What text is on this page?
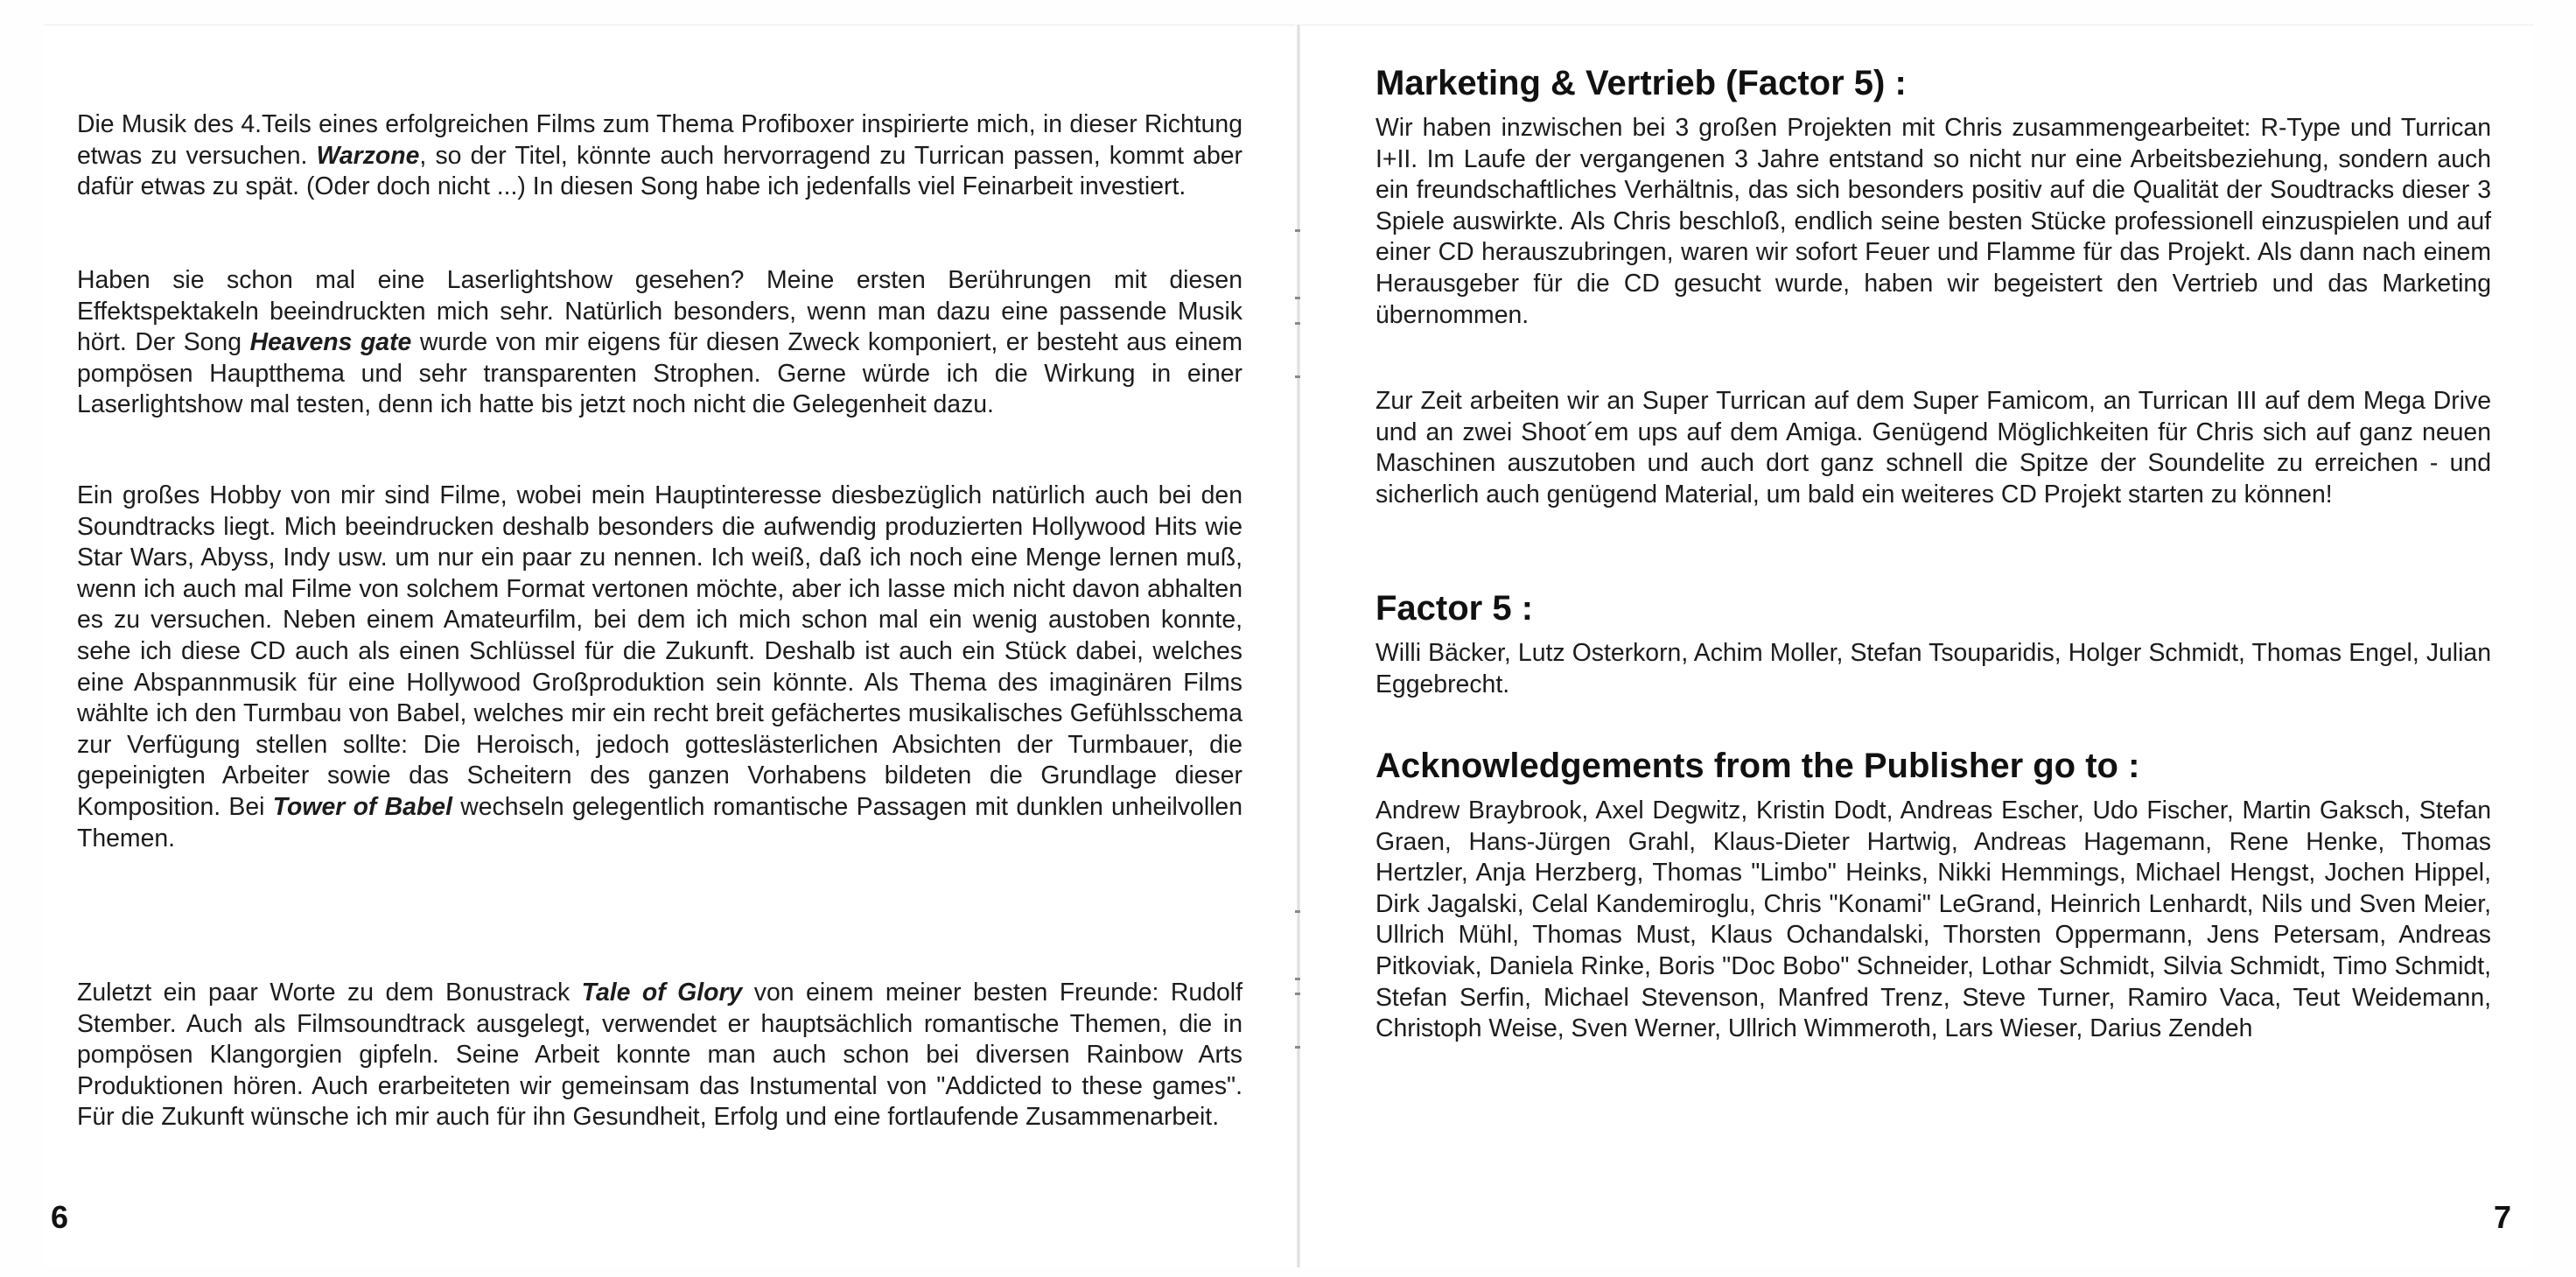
Die Musik des 4.Teils eines erfolgreichen Films zum Thema Profiboxer inspirierte mich, in dieser Richtung etwas zu versuchen. Warzone, so der Titel, könnte auch hervorragend zu Turrican passen, kommt aber dafür etwas zu spät. (Oder doch nicht ...) In diesen Song habe ich jedenfalls viel Feinarbeit investiert.

Haben sie schon mal eine Laserlightshow gesehen? Meine ersten Berührungen mit diesen Effektspektakeln beeindruckten mich sehr. Natürlich besonders, wenn man dazu eine passende Musik hört. Der Song Heavens gate wurde von mir eigens für diesen Zweck komponiert, er besteht aus einem pompösen Hauptthema und sehr transparenten Strophen. Gerne würde ich die Wirkung in einer Laserlightshow mal testen, denn ich hatte bis jetzt noch nicht die Gelegenheit dazu.

Ein großes Hobby von mir sind Filme, wobei mein Hauptinteresse diesbezüglich natürlich auch bei den Soundtracks liegt. Mich beeindrucken deshalb besonders die aufwendig produzierten Hollywood Hits wie Star Wars, Abyss, Indy usw. um nur ein paar zu nennen. Ich weiß, daß ich noch eine Menge lernen muß, wenn ich auch mal Filme von solchem Format vertonen möchte, aber ich lasse mich nicht davon abhalten es zu versuchen. Neben einem Amateurfilm, bei dem ich mich schon mal ein wenig austoben konnte, sehe ich diese CD auch als einen Schlüssel für die Zukunft. Deshalb ist auch ein Stück dabei, welches eine Abspannmusik für eine Hollywood Großproduktion sein könnte. Als Thema des imaginären Films wählte ich den Turmbau von Babel, welches mir ein recht breit gefächertes musikalisches Gefühlsschema zur Verfügung stellen sollte: Die Heroisch, jedoch gotteslästerlichen Absichten der Turmbauer, die gepeinigten Arbeiter sowie das Scheitern des ganzen Vorhabens bildeten die Grundlage dieser Komposition. Bei Tower of Babel wechseln gelegentlich romantische Passagen mit dunklen unheilvollen Themen.

Zuletzt ein paar Worte zu dem Bonustrack Tale of Glory von einem meiner besten Freunde: Rudolf Stember. Auch als Filmsoundtrack ausgelegt, verwendet er hauptsächlich romantische Themen, die in pompösen Klangorgien gipfeln. Seine Arbeit konnte man auch schon bei diversen Rainbow Arts Produktionen hören. Auch erarbeiteten wir gemeinsam das Instumental von "Addicted to these games". Für die Zukunft wünsche ich mir auch für ihn Gesundheit, Erfolg und eine fortlaufende Zusammenarbeit.

6
Marketing & Vertrieb (Factor 5) :

Wir haben inzwischen bei 3 großen Projekten mit Chris zusammengearbeitet: R-Type und Turrican I+II. Im Laufe der vergangenen 3 Jahre entstand so nicht nur eine Arbeitsbeziehung, sondern auch ein freundschaftliches Verhältnis, das sich besonders positiv auf die Qualität der Soudtracks dieser 3 Spiele auswirkte. Als Chris beschloß, endlich seine besten Stücke professionell einzuspielen und auf einer CD herauszubringen, waren wir sofort Feuer und Flamme für das Projekt. Als dann nach einem Herausgeber für die CD gesucht wurde, haben wir begeistert den Vertrieb und das Marketing übernommen.

Zur Zeit arbeiten wir an Super Turrican auf dem Super Famicom, an Turrican III auf dem Mega Drive und an zwei Shoot´em ups auf dem Amiga. Genügend Möglichkeiten für Chris sich auf ganz neuen Maschinen auszutoben und auch dort ganz schnell die Spitze der Soundelite zu erreichen - und sicherlich auch genügend Material, um bald ein weiteres CD Projekt starten zu können!

Factor 5 :

Willi Bäcker, Lutz Osterkorn, Achim Moller, Stefan Tsouparidis, Holger Schmidt, Thomas Engel, Julian Eggebrecht.

Acknowledgements from the Publisher go to :

Andrew Braybrook, Axel Degwitz, Kristin Dodt, Andreas Escher, Udo Fischer, Martin Gaksch, Stefan Graen, Hans-Jürgen Grahl, Klaus-Dieter Hartwig, Andreas Hagemann, Rene Henke, Thomas Hertzler, Anja Herzberg, Thomas "Limbo" Heinks, Nikki Hemmings, Michael Hengst, Jochen Hippel, Dirk Jagalski, Celal Kandemiroglu, Chris "Konami" LeGrand, Heinrich Lenhardt, Nils und Sven Meier, Ullrich Mühl, Thomas Must, Klaus Ochandalski, Thorsten Oppermann, Jens Petersam, Andreas Pitkoviak, Daniela Rinke, Boris "Doc Bobo" Schneider, Lothar Schmidt, Silvia Schmidt, Timo Schmidt, Stefan Serfin, Michael Stevenson, Manfred Trenz, Steve Turner, Ramiro Vaca, Teut Weidemann, Christoph Weise, Sven Werner, Ullrich Wimmeroth, Lars Wieser, Darius Zendeh

7
